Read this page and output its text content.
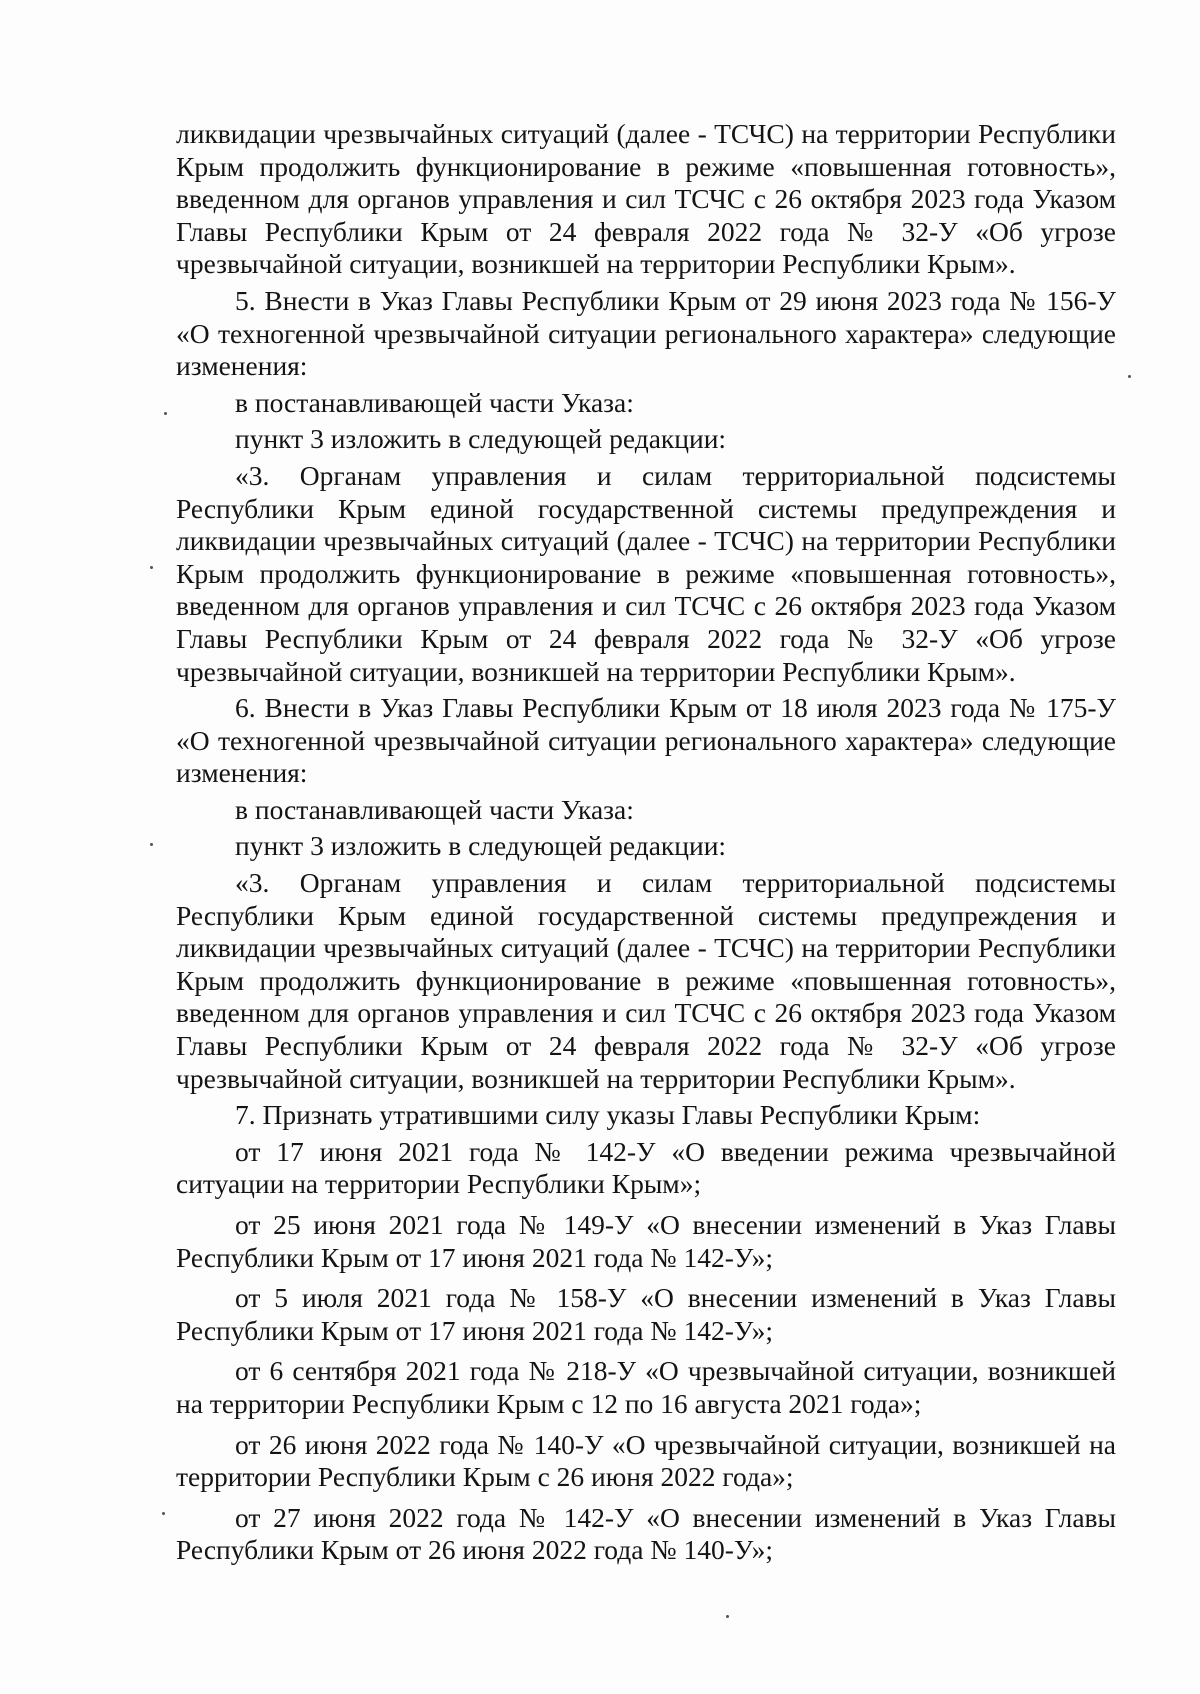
ликвидации чрезвычайных ситуаций (далее - ТСЧС) на территории Республики Крым продолжить функционирование в режиме «повышенная готовность», введенном для органов управления и сил ТСЧС с 26 октября 2023 года Указом Главы Республики Крым от 24 февраля 2022 года № 32-У «Об угрозе чрезвычайной ситуации, возникшей на территории Республики Крым».

5. Внести в Указ Главы Республики Крым от 29 июня 2023 года № 156-У «О техногенной чрезвычайной ситуации регионального характера» следующие изменения:

в постанавливающей части Указа:

пункт 3 изложить в следующей редакции:

«3. Органам управления и силам территориальной подсистемы Республики Крым единой государственной системы предупреждения и ликвидации чрезвычайных ситуаций (далее - ТСЧС) на территории Республики Крым продолжить функционирование в режиме «повышенная готовность», введенном для органов управления и сил ТСЧС с 26 октября 2023 года Указом Главы Республики Крым от 24 февраля 2022 года № 32-У «Об угрозе чрезвычайной ситуации, возникшей на территории Республики Крым».

6. Внести в Указ Главы Республики Крым от 18 июля 2023 года № 175-У «О техногенной чрезвычайной ситуации регионального характера» следующие изменения:

в постанавливающей части Указа:

пункт 3 изложить в следующей редакции:

«3. Органам управления и силам территориальной подсистемы Республики Крым единой государственной системы предупреждения и ликвидации чрезвычайных ситуаций (далее - ТСЧС) на территории Республики Крым продолжить функционирование в режиме «повышенная готовность», введенном для органов управления и сил ТСЧС с 26 октября 2023 года Указом Главы Республики Крым от 24 февраля 2022 года № 32-У «Об угрозе чрезвычайной ситуации, возникшей на территории Республики Крым».

7. Признать утратившими силу указы Главы Республики Крым:

от 17 июня 2021 года № 142-У «О введении режима чрезвычайной ситуации на территории Республики Крым»;

от 25 июня 2021 года № 149-У «О внесении изменений в Указ Главы Республики Крым от 17 июня 2021 года № 142-У»;

от 5 июля 2021 года № 158-У «О внесении изменений в Указ Главы Республики Крым от 17 июня 2021 года № 142-У»;

от 6 сентября 2021 года № 218-У «О чрезвычайной ситуации, возникшей на территории Республики Крым с 12 по 16 августа 2021 года»;

от 26 июня 2022 года № 140-У «О чрезвычайной ситуации, возникшей на территории Республики Крым с 26 июня 2022 года»;

от 27 июня 2022 года № 142-У «О внесении изменений в Указ Главы Республики Крым от 26 июня 2022 года № 140-У»;
